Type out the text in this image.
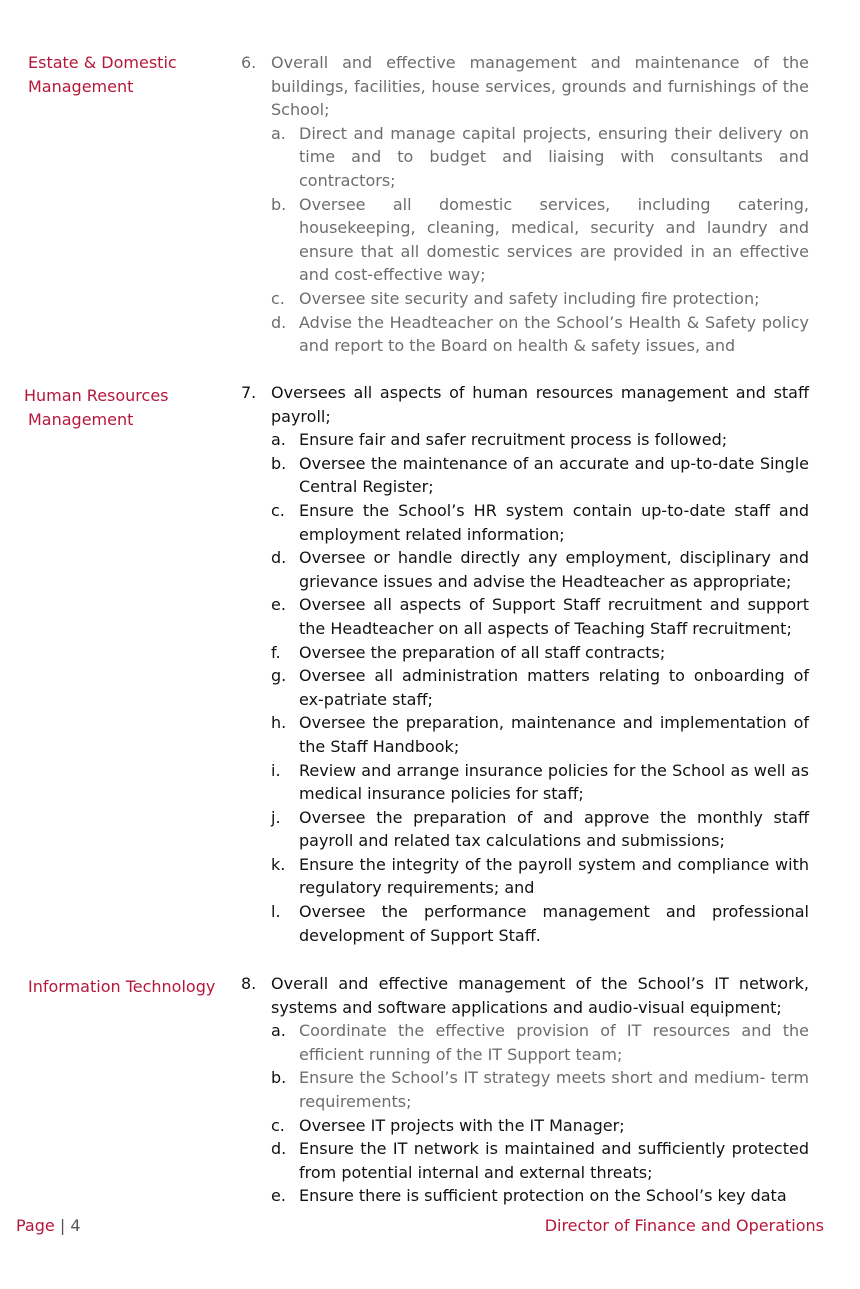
Estate & Domestic
Management
6. Overall and effective management and maintenance of the buildings, facilities, house services, grounds and furnishings of the School;
a. Direct and manage capital projects, ensuring their delivery on time and to budget and liaising with consultants and contractors;
b. Oversee all domestic services, including catering, housekeeping, cleaning, medical, security and laundry and ensure that all domestic services are provided in an effective and cost-effective way;
c. Oversee site security and safety including fire protection;
d. Advise the Headteacher on the School’s Health & Safety policy and report to the Board on health & safety issues, and
Human Resources
Management
7. Oversees all aspects of human resources management and staff payroll;
a. Ensure fair and safer recruitment process is followed;
b. Oversee the maintenance of an accurate and up-to-date Single Central Register;
c. Ensure the School’s HR system contain up-to-date staff and employment related information;
d. Oversee or handle directly any employment, disciplinary and grievance issues and advise the Headteacher as appropriate;
e. Oversee all aspects of Support Staff recruitment and support the Headteacher on all aspects of Teaching Staff recruitment;
f.	Oversee the preparation of all staff contracts;
g. Oversee all administration matters relating to onboarding of ex-patriate staff;
h. Oversee the preparation, maintenance and implementation of the Staff Handbook;
i.	Review and arrange insurance policies for the School as well as medical insurance policies for staff;
j.	Oversee the preparation of and approve the monthly staff payroll and related tax calculations and submissions;
k. Ensure the integrity of the payroll system and compliance with regulatory requirements; and
l.	Oversee the performance management and professional development of Support Staff.
Information Technology 8. Overall and effective management of the School’s IT network, systems and software applications and audio-visual equipment;
a. Coordinate the effective provision of IT resources and the efficient running of the IT Support team;
b. Ensure the School’s IT strategy meets short and medium- term requirements;
c. Oversee IT projects with the IT Manager;
d. Ensure the IT network is maintained and sufficiently protected from potential internal and external threats;
e. Ensure there is sufficient protection on the School’s key data
Page | 4	Director of Finance and Operations
